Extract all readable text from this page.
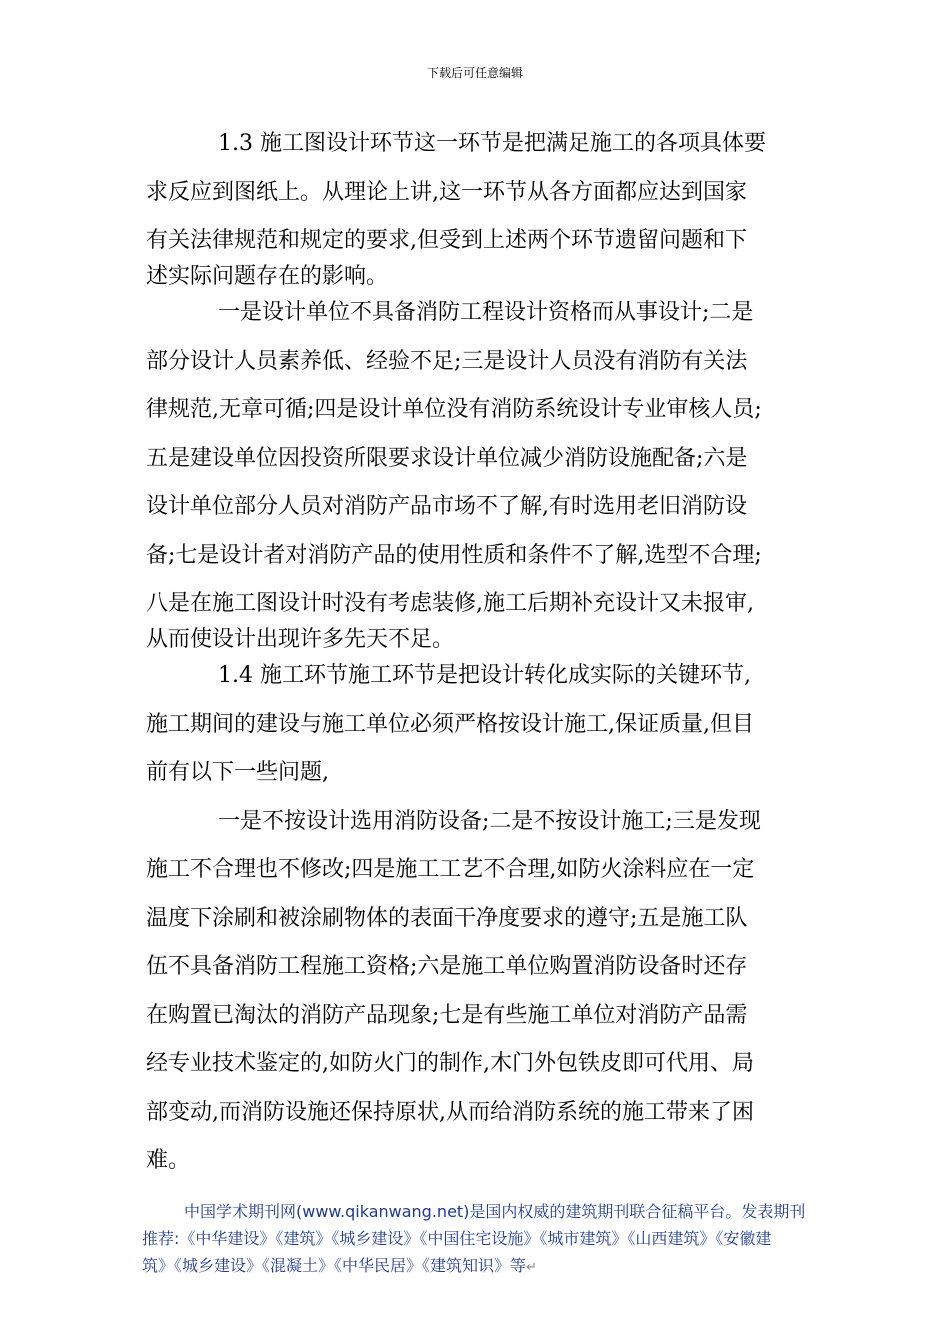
下载后可任意编辑
1.3 施工图设计环节这一环节是把满足施工的各项具体要
求反应到图纸上。从理论上讲,这一环节从各方面都应达到国家
有关法律规范和规定的要求,但受到上述两个环节遗留问题和下
述实际问题存在的影响。
一是设计单位不具备消防工程设计资格而从事设计;二是
部分设计人员素养低、经验不足;三是设计人员没有消防有关法
律规范,无章可循;四是设计单位没有消防系统设计专业审核人员;
五是建设单位因投资所限要求设计单位减少消防设施配备;六是
设计单位部分人员对消防产品市场不了解,有时选用老旧消防设
备;七是设计者对消防产品的使用性质和条件不了解,选型不合理;
八是在施工图设计时没有考虑装修,施工后期补充设计又未报审,
从而使设计出现许多先天不足。
1.4 施工环节施工环节是把设计转化成实际的关键环节,
施工期间的建设与施工单位必须严格按设计施工,保证质量,但目
前有以下一些问题,
一是不按设计选用消防设备;二是不按设计施工;三是发现
施工不合理也不修改;四是施工工艺不合理,如防火涂料应在一定
温度下涂刷和被涂刷物体的表面干净度要求的遵守;五是施工队
伍不具备消防工程施工资格;六是施工单位购置消防设备时还存
在购置已淘汰的消防产品现象;七是有些施工单位对消防产品需
经专业技术鉴定的,如防火门的制作,木门外包铁皮即可代用、局
部变动,而消防设施还保持原状,从而给消防系统的施工带来了困
难。
中国学术期刊网(www.qikanwang.net)是国内权威的建筑期刊联合征稿平台。发表期刊
推荐:《中华建设》《建筑》《城乡建设》《中国住宅设施》《城市建筑》《山西建筑》《安徽建
筑》《城乡建设》《混凝土》《中华民居》《建筑知识》等↵
